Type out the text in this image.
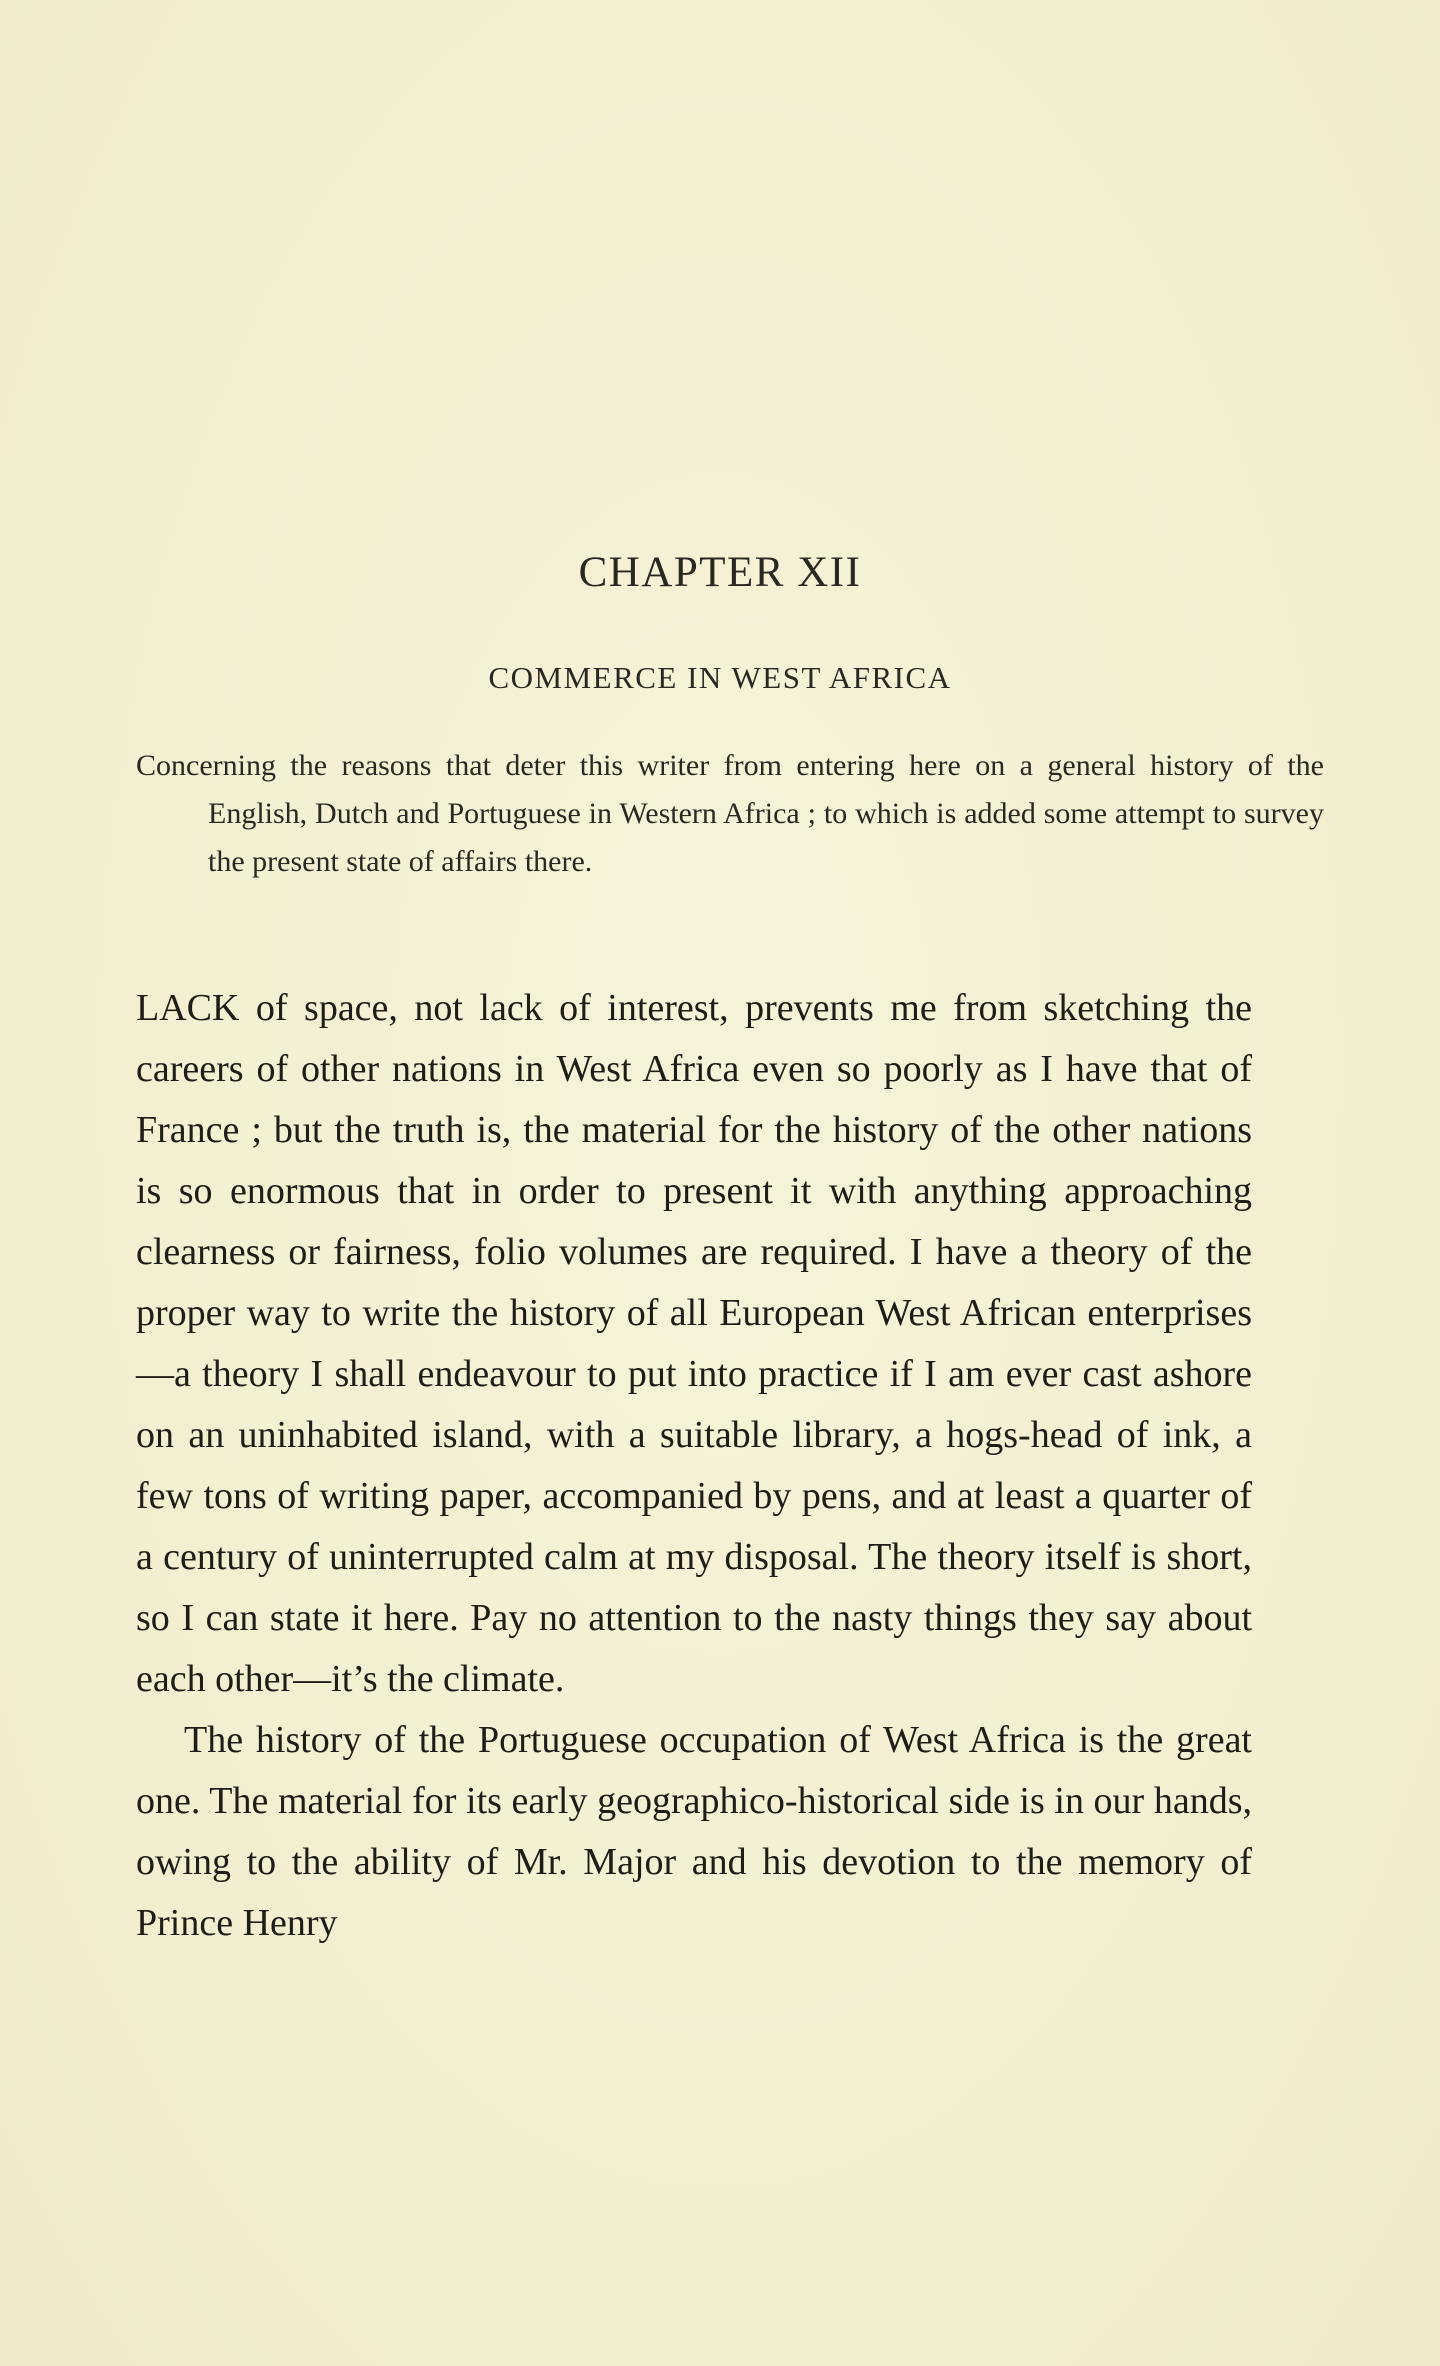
CHAPTER XII
COMMERCE IN WEST AFRICA
Concerning the reasons that deter this writer from entering here on a general history of the English, Dutch and Portuguese in Western Africa ; to which is added some attempt to survey the present state of affairs there.

LACK of space, not lack of interest, prevents me from sketching the careers of other nations in West Africa even so poorly as I have that of France ; but the truth is, the material for the history of the other nations is so enormous that in order to present it with anything approaching clearness or fairness, folio volumes are required. I have a theory of the proper way to write the history of all European West African enterprises—a theory I shall endeavour to put into practice if I am ever cast ashore on an uninhabited island, with a suitable library, a hogs-head of ink, a few tons of writing paper, accompanied by pens, and at least a quarter of a century of uninterrupted calm at my disposal. The theory itself is short, so I can state it here. Pay no attention to the nasty things they say about each other—it’s the climate.

The history of the Portuguese occupation of West Africa is the great one. The material for its early geographico-historical side is in our hands, owing to the ability of Mr. Major and his devotion to the memory of Prince Henry
